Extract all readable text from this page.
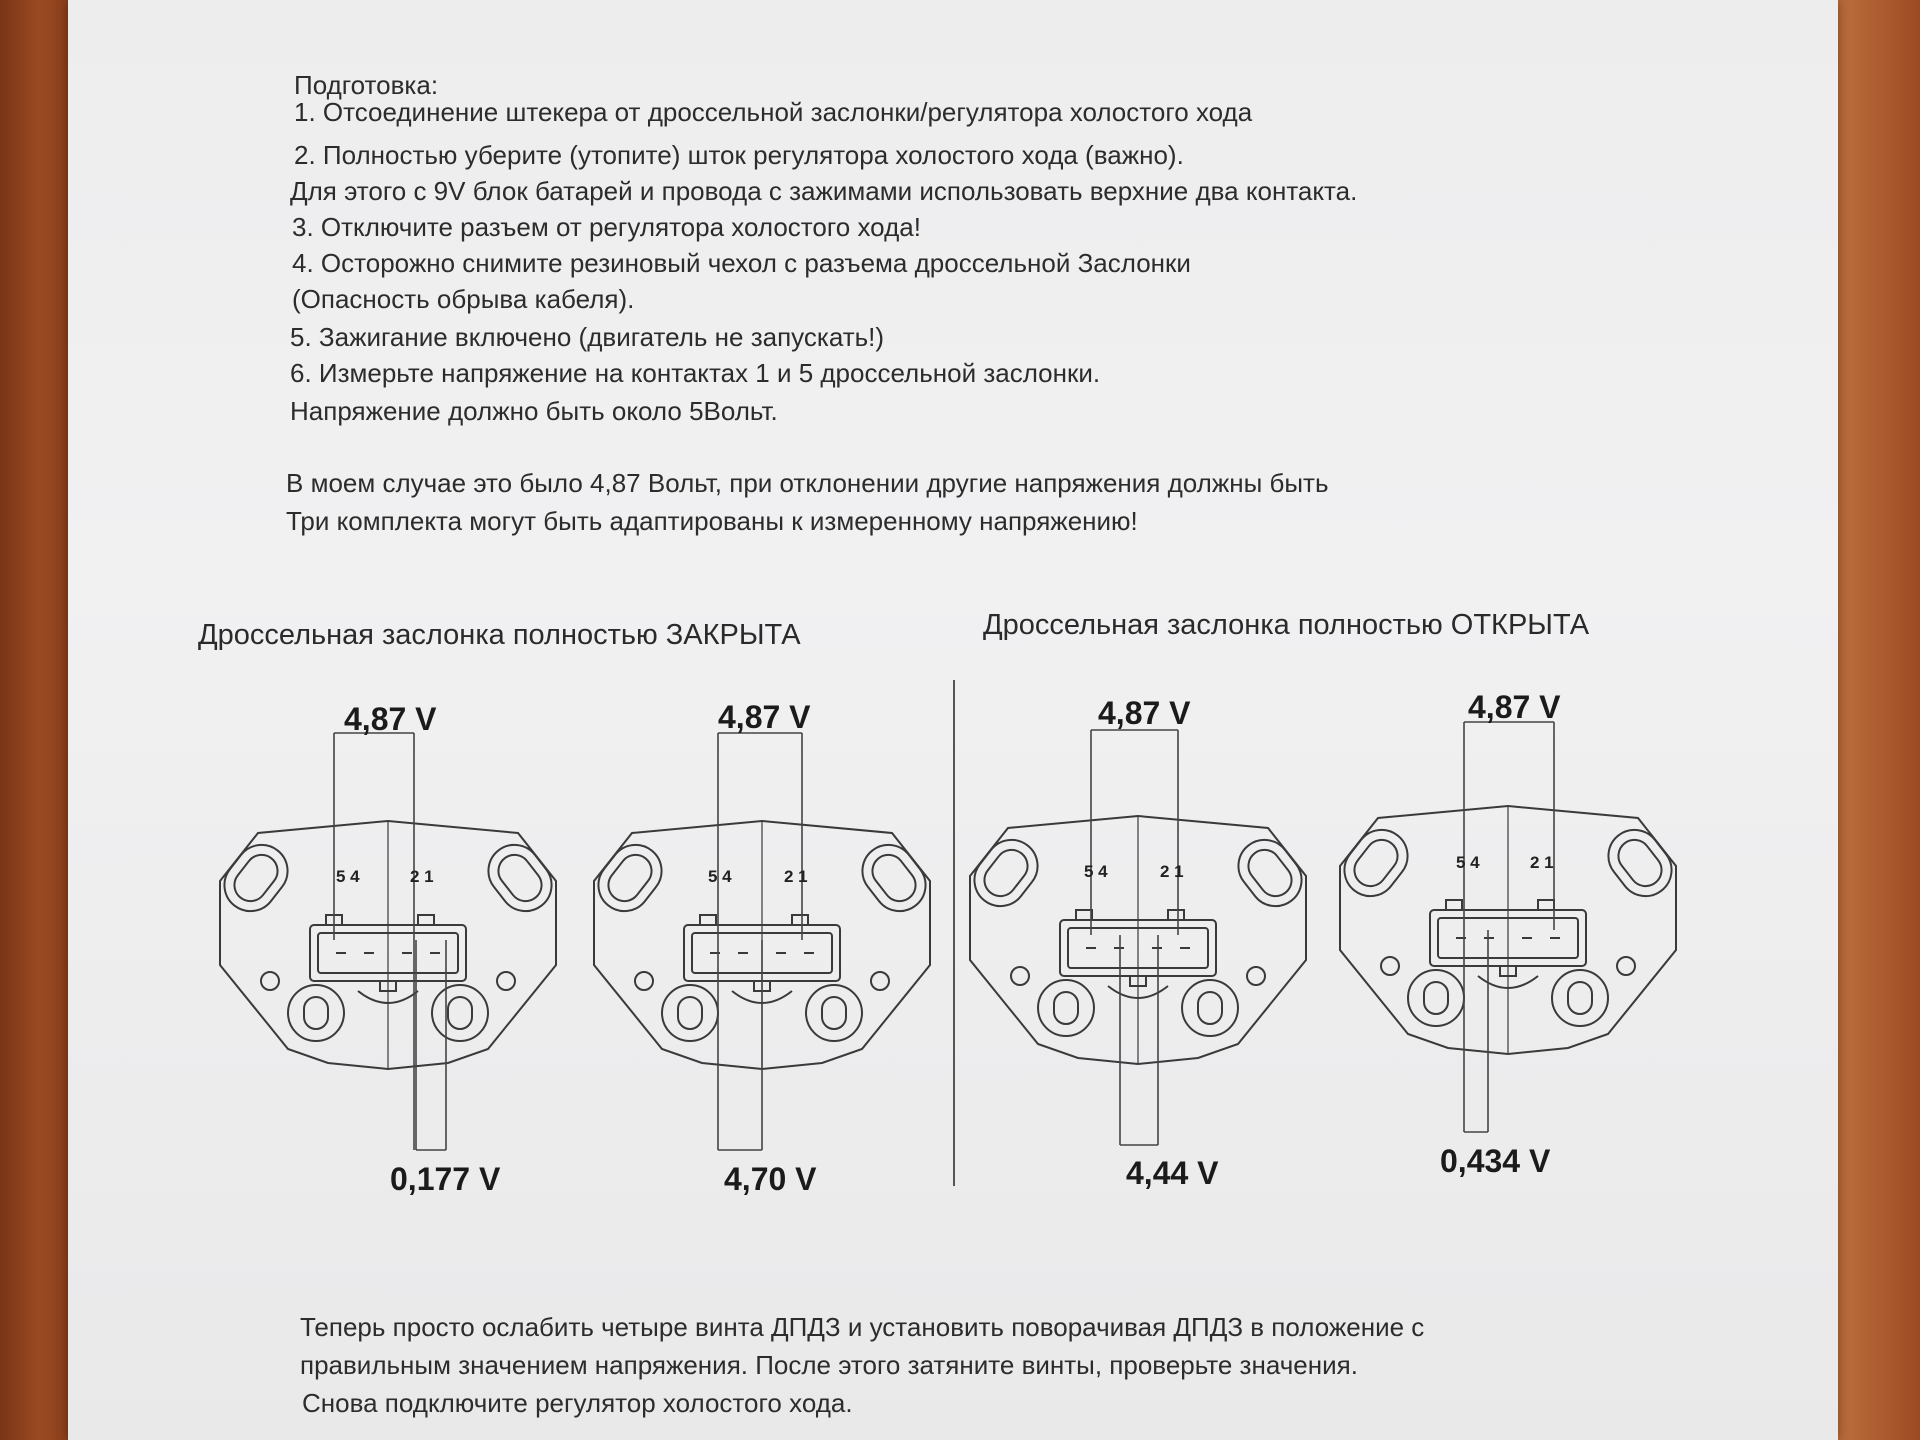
Подготовка:

1. Отсоединение штекера от дроссельной заслонки/регулятора холостого хода

2. Полностью уберите (утопите) шток регулятора холостого хода (важно).

Для этого с 9V блок батарей и провода с зажимами использовать верхние два контакта.

3. Отключите разъем от регулятора холостого хода!

4. Осторожно снимите резиновый чехол с разъема дроссельной Заслонки

(Опасность обрыва кабеля).

5. Зажигание включено (двигатель не запускать!)

6. Измерьте напряжение на контактах 1 и 5 дроссельной заслонки.

Напряжение должно быть около 5Вольт.

В моем случае это было 4,87 Вольт, при отклонении другие напряжения должны быть

Три комплекта могут быть адаптированы к измеренному напряжению!

Дроссельная заслонка полностью ЗАКРЫТА	Дроссельная заслонка полностью ОТКРЫТА

5 4	2 1
4,87 V
0,177 V
5 4	2 1
4,87 V
4,70 V
5 4	2 1
4,87 V
4,44 V
5 4	2 1
4,87 V
0,434 V

Теперь просто ослабить четыре винта ДПДЗ и установить поворачивая ДПДЗ в положение с

правильным значением напряжения. После этого затяните винты, проверьте значения.

Снова подключите регулятор холостого хода.
